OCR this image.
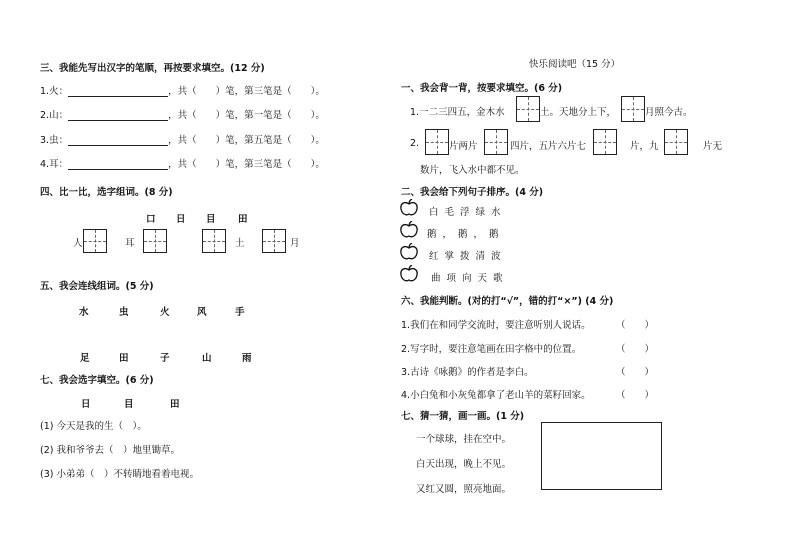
三、我能先写出汉字的笔顺，再按要求填空。(12 分)
1.火：	，共（　　）笔，第三笔是（　　）。
2.山：	，共（　　）笔，第一笔是（　　）。
3.虫：	，共（　　）笔，第五笔是（　　）。
4.耳：	，共（　　）笔，第三笔是（　　）。
四、比一比，选字组词。(8 分)
口 日 目 田
人	耳	土	月
五、我会连线组词。(5 分)
水	虫	火	风	手
足	田	子	山	雨
七、我会选字填空。(6 分)
日	目	田
(1) 今天是我的生（　）。
(2) 我和爷爷去（　）地里锄草。
(3) 小弟弟（　）不转睛地看着电视。
快乐阅读吧（15 分）
一、我会背一背，按要求填空。(6 分)
1.一二三四五，金木水	土。天地分上下，	月照今古。
2.	片两片	四片，五片六片七	片，九	片无
数片，飞入水中都不见。
二、我会给下列句子排序。(4 分)
白毛浮绿水
鹅，鹅，鹅
红掌拨清波
曲项向天歌
六、我能判断。(对的打“√”，错的打“×”) (4 分)
1.我们在和同学交流时，要注意听别人说话。	（　　）
2.写字时，要注意笔画在田字格中的位置。	（　　）
3.古诗《咏鹅》的作者是李白。	（　　）
4.小白兔和小灰兔都拿了老山羊的菜籽回家。	（　　）
七、猜一猜，画一画。(1 分)
一个球球，挂在空中。
白天出现，晚上不见。
又红又圆，照亮地面。
